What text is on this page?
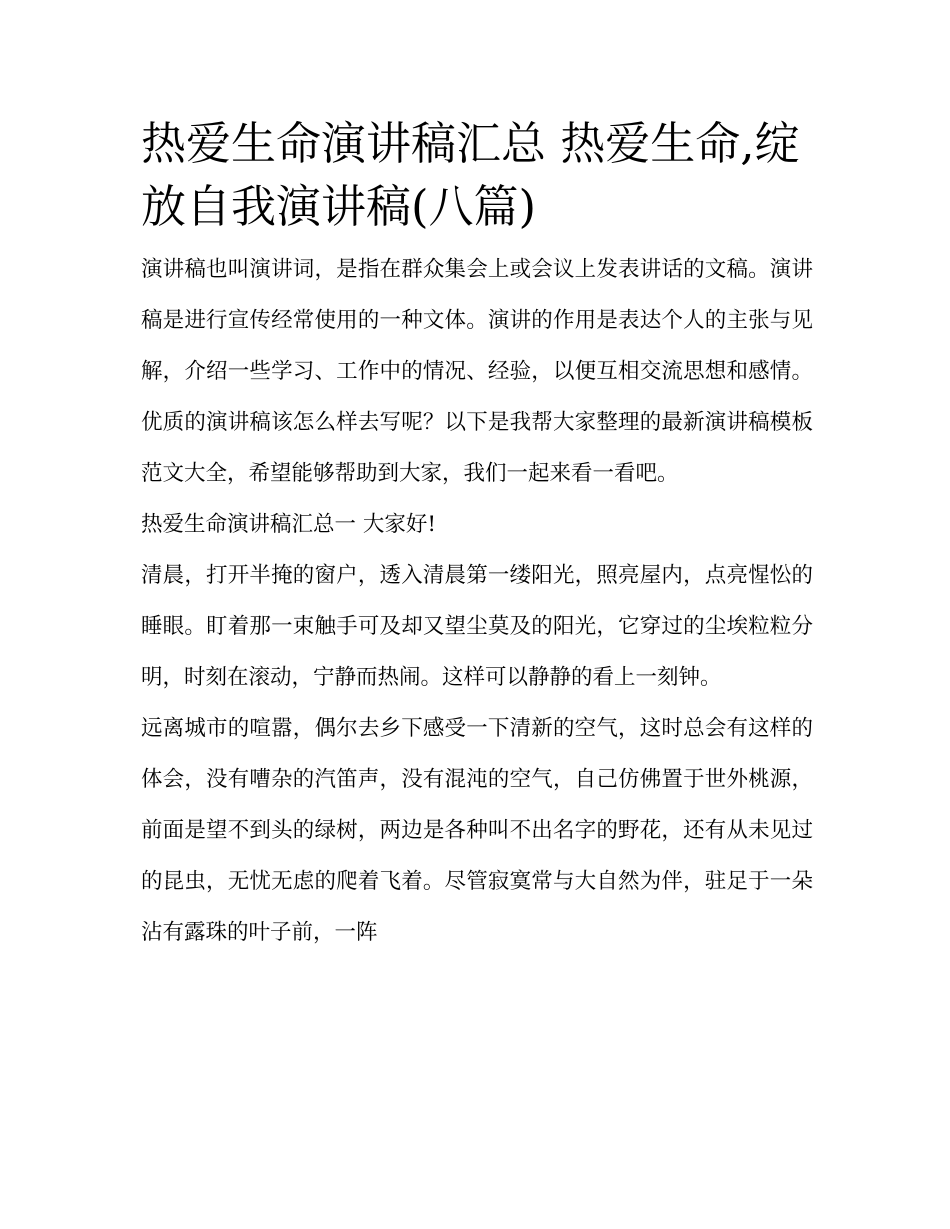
热爱生命演讲稿汇总 热爱生命,绽放自我演讲稿(八篇)

演讲稿也叫演讲词，是指在群众集会上或会议上发表讲话的文稿。演讲稿是进行宣传经常使用的一种文体。演讲的作用是表达个人的主张与见解，介绍一些学习、工作中的情况、经验，以便互相交流思想和感情。优质的演讲稿该怎么样去写呢？以下是我帮大家整理的最新演讲稿模板范文大全，希望能够帮助到大家，我们一起来看一看吧。

热爱生命演讲稿汇总一 大家好!

清晨，打开半掩的窗户，透入清晨第一缕阳光，照亮屋内，点亮惺忪的睡眼。盯着那一束触手可及却又望尘莫及的阳光，它穿过的尘埃粒粒分明，时刻在滚动，宁静而热闹。这样可以静静的看上一刻钟。

远离城市的喧嚣，偶尔去乡下感受一下清新的空气，这时总会有这样的体会，没有嘈杂的汽笛声，没有混沌的空气，自己仿佛置于世外桃源，前面是望不到头的绿树，两边是各种叫不出名字的野花，还有从未见过的昆虫，无忧无虑的爬着飞着。尽管寂寞常与大自然为伴，驻足于一朵沾有露珠的叶子前，一阵
